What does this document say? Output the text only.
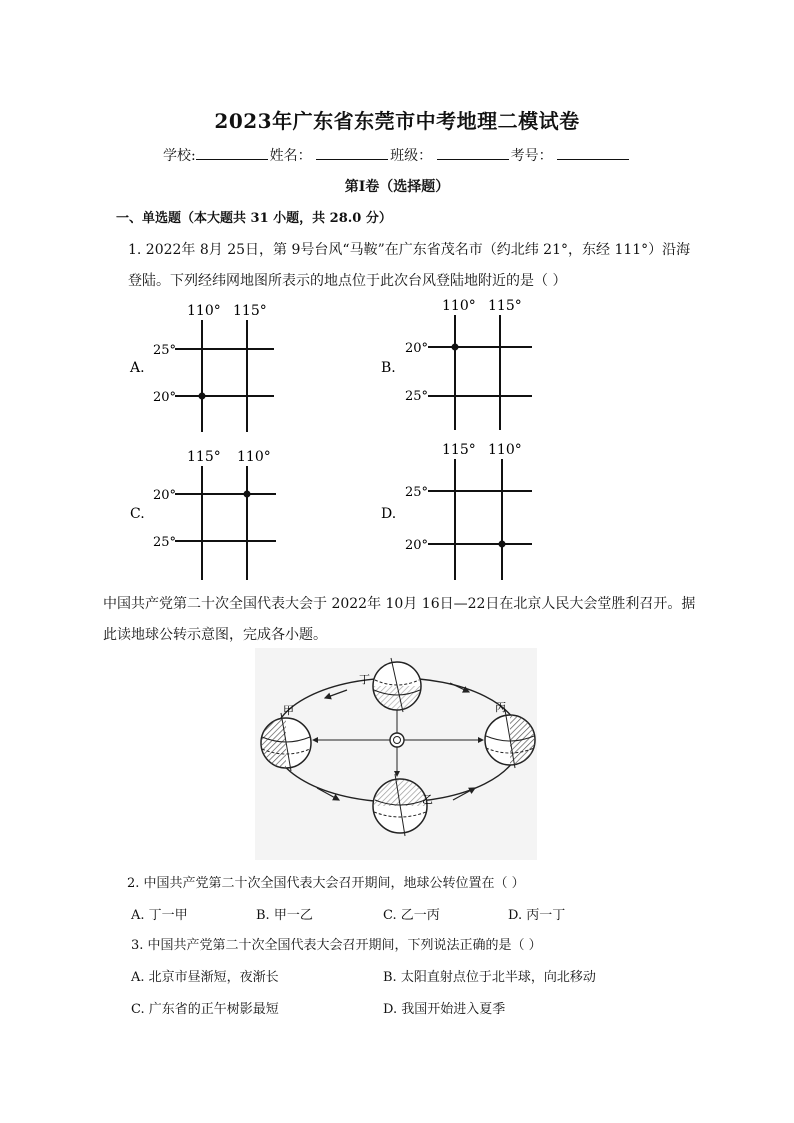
2023年广东省东莞市中考地理二模试卷
学校:	姓名：	班级：	考号：
第Ⅰ卷（选择题）
一、单选题（本大题共 31 小题，共 28.0 分）
1. 2022年 8月 25日，第 9号台风“马鞍”在广东省茂名市（约北纬 21°，东经 111°）沿海
登陆。下列经纬网地图所表示的地点位于此次台风登陆地附近的是（ ）
A.
110° 115°
25°
20°
B.
110° 115°
20°
25°
C.
115° 110°
20°
25°
D.
115° 110°
25°
20°
中国共产党第二十次全国代表大会于 2022年 10月 16日—22日在北京人民大会堂胜利召开。据
此读地球公转示意图，完成各小题。
丁
甲	丙
乙
2. 中国共产党第二十次全国代表大会召开期间，地球公转位置在（ ）
A. 丁一甲	B. 甲一乙	C. 乙一丙	D. 丙一丁
3. 中国共产党第二十次全国代表大会召开期间，下列说法正确的是（ ）
A. 北京市昼渐短，夜渐长	B. 太阳直射点位于北半球，向北移动
C. 广东省的正午树影最短	D. 我国开始进入夏季
